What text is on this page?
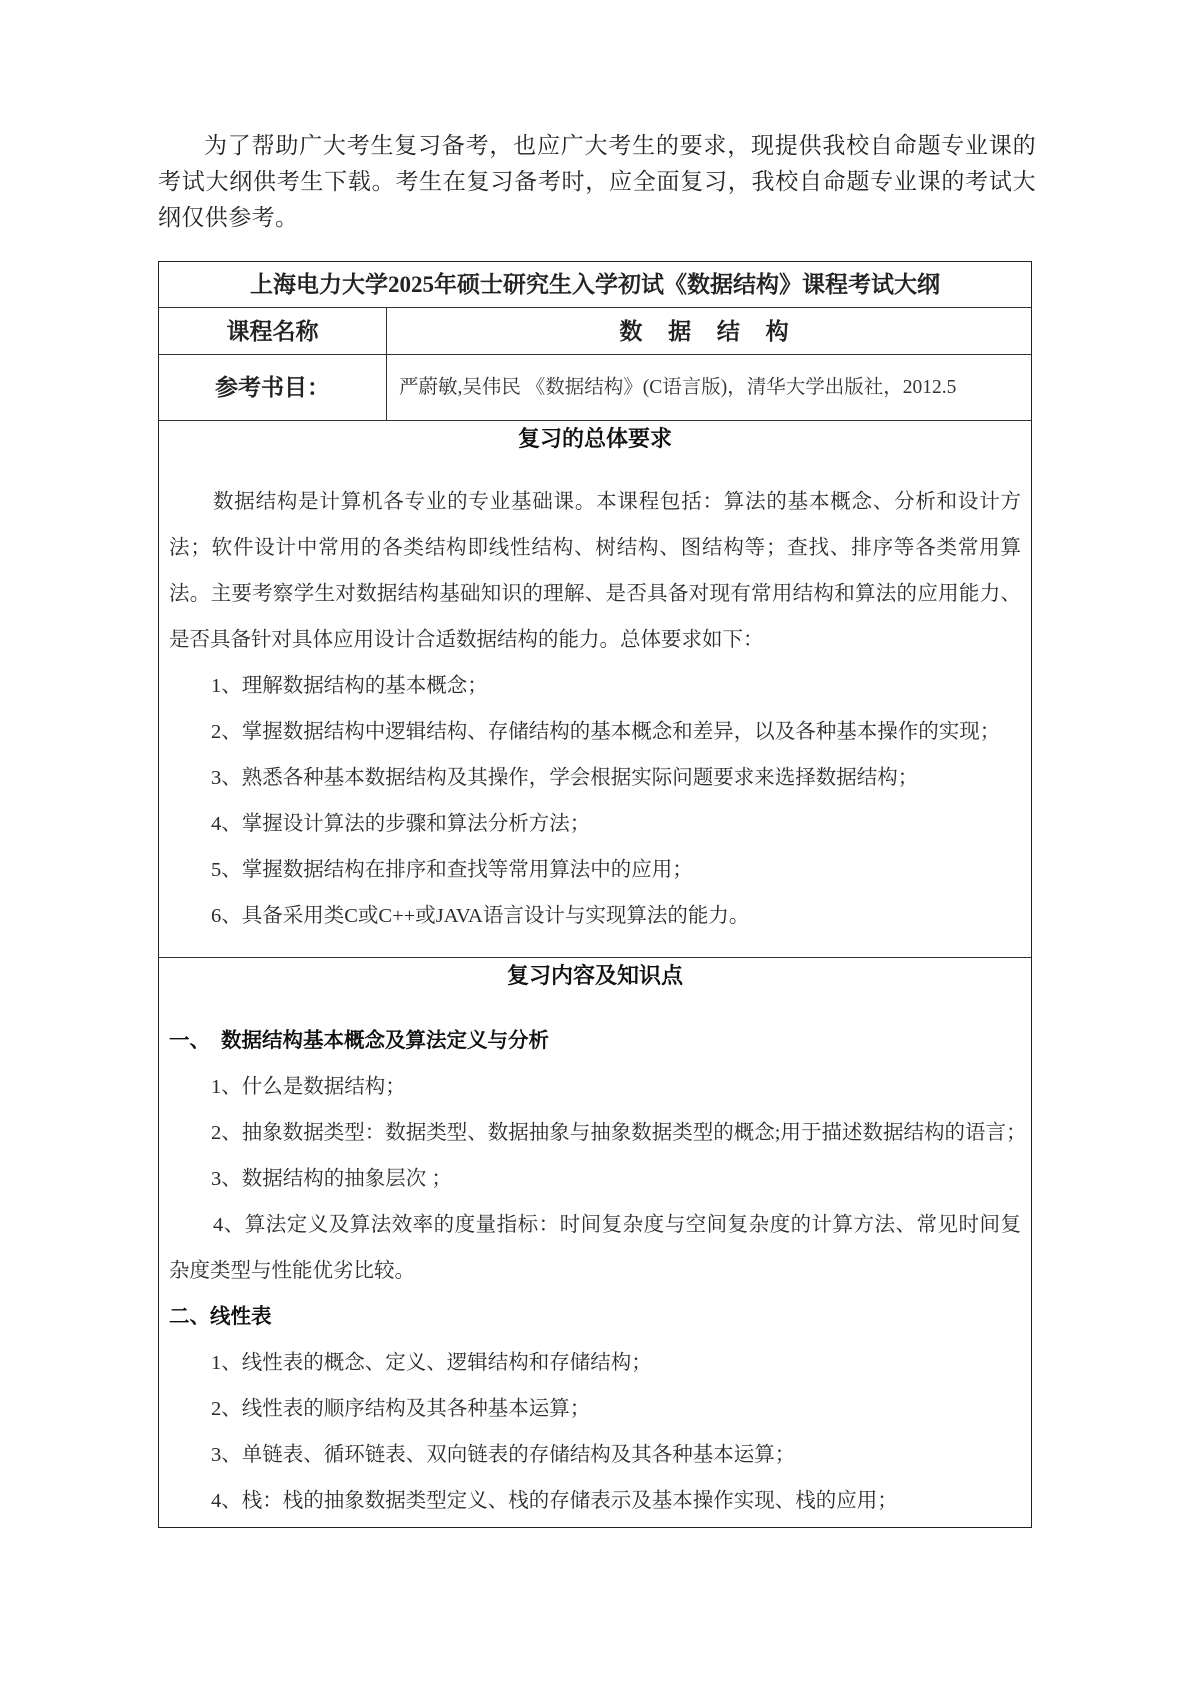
为了帮助广大考生复习备考，也应广大考生的要求，现提供我校自命题专业课的考试大纲供考生下载。考生在复习备考时，应全面复习，我校自命题专业课的考试大纲仅供参考。
上海电力大学2025年硕士研究生入学初试《数据结构》课程考试大纲
课程名称	数 据 结 构
参考书目：	严蔚敏,吴伟民 《数据结构》(C语言版)，清华大学出版社，2012.5
复习的总体要求

数据结构是计算机各专业的专业基础课。本课程包括：算法的基本概念、分析和设计方法；软件设计中常用的各类结构即线性结构、树结构、图结构等；查找、排序等各类常用算法。主要考察学生对数据结构基础知识的理解、是否具备对现有常用结构和算法的应用能力、是否具备针对具体应用设计合适数据结构的能力。总体要求如下：

1、理解数据结构的基本概念；
2、掌握数据结构中逻辑结构、存储结构的基本概念和差异，以及各种基本操作的实现；
3、熟悉各种基本数据结构及其操作，学会根据实际问题要求来选择数据结构；
4、掌握设计算法的步骤和算法分析方法；
5、掌握数据结构在排序和查找等常用算法中的应用；
6、具备采用类C或C++或JAVA语言设计与实现算法的能力。
复习内容及知识点
一、 数据结构基本概念及算法定义与分析
1、什么是数据结构；
2、抽象数据类型：数据类型、数据抽象与抽象数据类型的概念;用于描述数据结构的语言；
3、数据结构的抽象层次 ；

4、算法定义及算法效率的度量指标：时间复杂度与空间复杂度的计算方法、常见时间复杂度类型与性能优劣比较。

二、线性表
1、线性表的概念、定义、逻辑结构和存储结构；
2、线性表的顺序结构及其各种基本运算；
3、单链表、循环链表、双向链表的存储结构及其各种基本运算；
4、栈：栈的抽象数据类型定义、栈的存储表示及基本操作实现、栈的应用；
